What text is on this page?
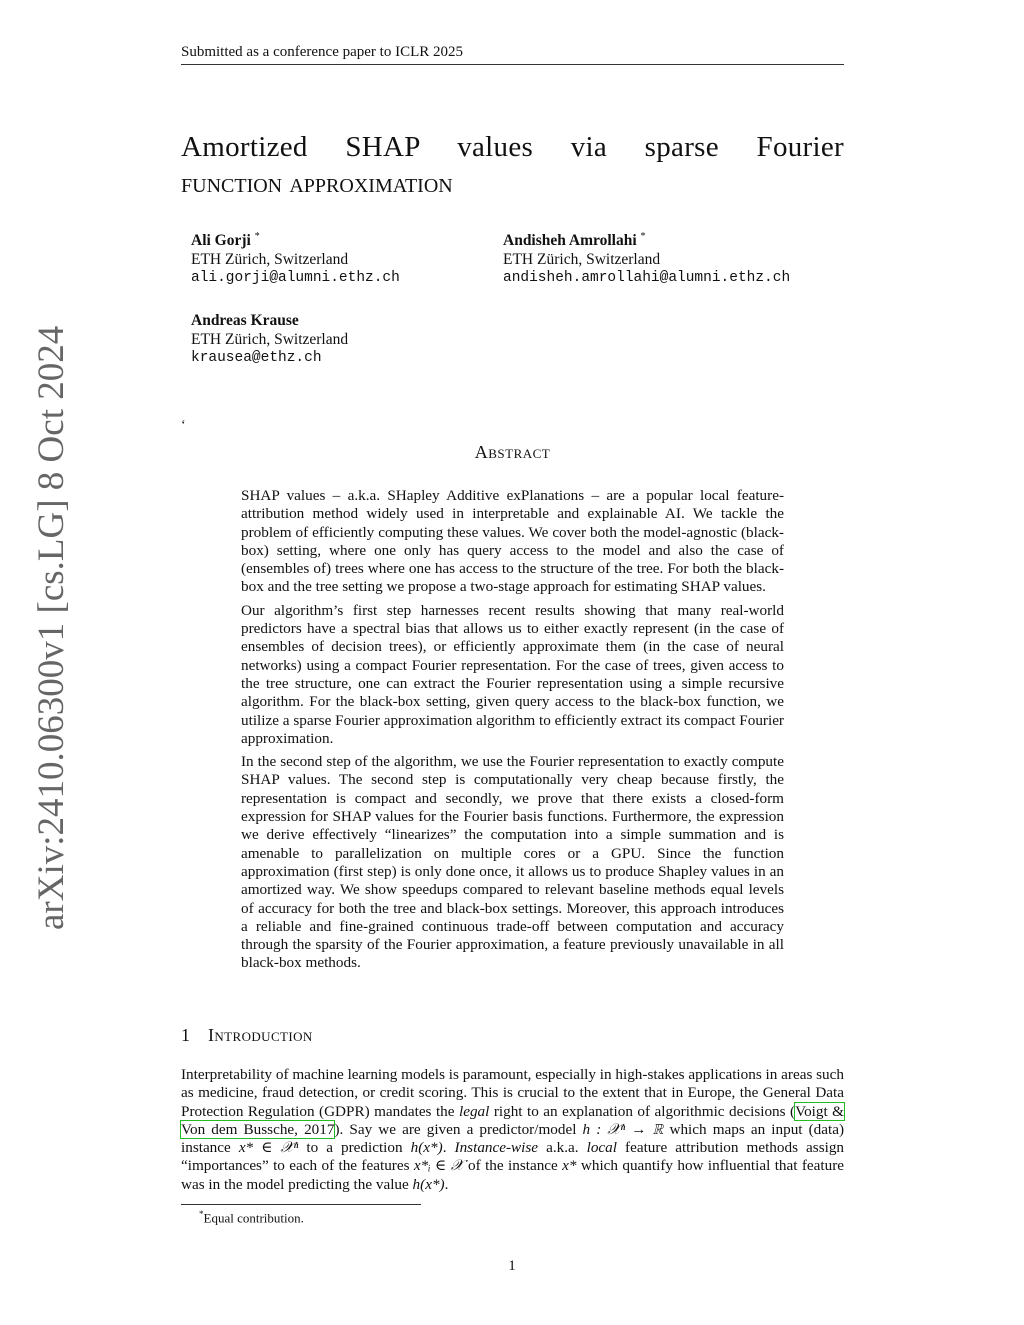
Submitted as a conference paper to ICLR 2025
Amortized SHAP values via sparse Fourier
function approximation
Ali Gorji *
ETH Zürich, Switzerland
ali.gorji@alumni.ethz.ch
Andisheh Amrollahi *
ETH Zürich, Switzerland
andisheh.amrollahi@alumni.ethz.ch
Andreas Krause
ETH Zürich, Switzerland
krausea@ethz.ch
arXiv:2410.06300v1 [cs.LG] 8 Oct 2024	‘
Abstract

SHAP values – a.k.a. SHapley Additive exPlanations – are a popular local feature-attribution method widely used in interpretable and explainable AI. We tackle the problem of efficiently computing these values. We cover both the model-agnostic (black-box) setting, where one only has query access to the model and also the case of (ensembles of) trees where one has access to the structure of the tree. For both the black-box and the tree setting we propose a two-stage approach for estimating SHAP values.

Our algorithm’s first step harnesses recent results showing that many real-world predictors have a spectral bias that allows us to either exactly represent (in the case of ensembles of decision trees), or efficiently approximate them (in the case of neural networks) using a compact Fourier representation. For the case of trees, given access to the tree structure, one can extract the Fourier representation using a simple recursive algorithm. For the black-box setting, given query access to the black-box function, we utilize a sparse Fourier approximation algorithm to efficiently extract its compact Fourier approximation.

In the second step of the algorithm, we use the Fourier representation to exactly compute SHAP values. The second step is computationally very cheap because firstly, the representation is compact and secondly, we prove that there exists a closed-form expression for SHAP values for the Fourier basis functions. Furthermore, the expression we derive effectively “linearizes” the computation into a simple summation and is amenable to parallelization on multiple cores or a GPU. Since the function approximation (first step) is only done once, it allows us to produce Shapley values in an amortized way. We show speedups compared to relevant baseline methods equal levels of accuracy for both the tree and black-box settings. Moreover, this approach introduces a reliable and fine-grained continuous trade-off between computation and accuracy through the sparsity of the Fourier approximation, a feature previously unavailable in all black-box methods.

1 Introduction

Interpretability of machine learning models is paramount, especially in high-stakes applications in areas such as medicine, fraud detection, or credit scoring. This is crucial to the extent that in Europe, the General Data Protection Regulation (GDPR) mandates the legal right to an explanation of algorithmic decisions (Voigt & Von dem Bussche, 2017). Say we are given a predictor/model h : 𝒳ⁿ → ℝ which maps an input (data) instance x* ∈ 𝒳ⁿ to a prediction h(x*). Instance-wise a.k.a. local feature attribution methods assign “importances” to each of the features x*ᵢ ∈ 𝒳 of the instance x* which quantify how influential that feature was in the model predicting the value h(x*).

*Equal contribution.
1
